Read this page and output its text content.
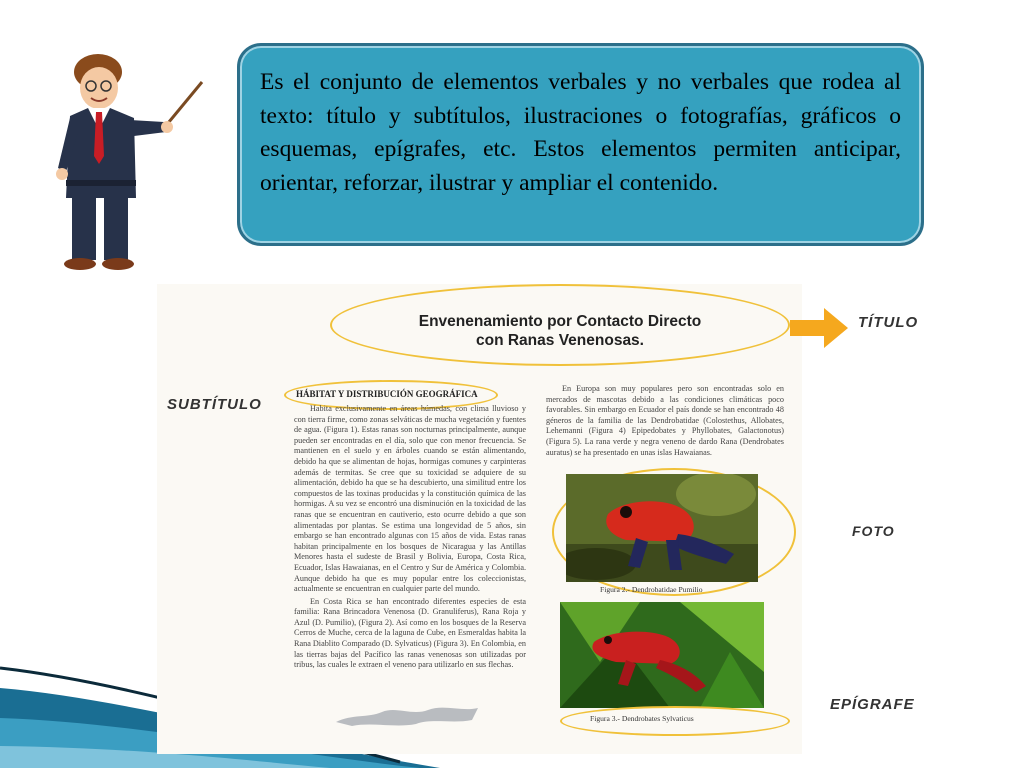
Es el conjunto de elementos verbales y no verbales que rodea al texto: título y subtítulos, ilustraciones o fotografías, gráficos o esquemas, epígrafes, etc. Estos elementos permiten anticipar, orientar, reforzar, ilustrar y ampliar el contenido.

Envenenamiento por Contacto Directo
con Ranas Venenosas.
TÍTULO
SUBTÍTULO
HÁBITAT Y DISTRIBUCIÓN GEOGRÁFICA

Habita exclusivamente en áreas húmedas, con clima lluvioso y con tierra firme, como zonas selváticas de mucha vegetación y fuentes de agua. (Figura 1). Estas ranas son nocturnas principalmente, aunque pueden ser encontradas en el día, solo que con menor frecuencia. Se mantienen en el suelo y en árboles cuando se están alimentando, debido ha que se alimentan de hojas, hormigas comunes y carpinteras además de termitas. Se cree que su toxicidad se adquiere de su alimentación, debido ha que se ha descubierto, una similitud entre los compuestos de las toxinas producidas y la constitución química de las hormigas. A su vez se encontró una disminución en la toxicidad de las ranas que se encuentran en cautiverio, esto ocurre debido a que son alimentadas por plantas. Se estima una longevidad de 5 años, sin embargo se han encontrado algunas con 15 años de vida. Estas ranas habitan principalmente en los bosques de Nicaragua y las Antillas Menores hasta el sudeste de Brasil y Bolivia, Europa, Costa Rica, Ecuador, Islas Hawaianas, en el Centro y Sur de América y Colombia. Aunque debido ha que es muy popular entre los coleccionistas, actualmente se encuentran en cualquier parte del mundo.

En Costa Rica se han encontrado diferentes especies de esta familia: Rana Brincadora Venenosa (D. Granuliferus), Rana Roja y Azul (D. Pumilio), (Figura 2). Así como en los bosques de la Reserva Cerros de Muche, cerca de la laguna de Cube, en Esmeraldas habita la Rana Diablito Comparado (D. Sylvaticus) (Figura 3). En Colombia, en las tierras bajas del Pacífico las ranas venenosas son utilizadas por tribus, las cuales le extraen el veneno para utilizarlo en sus flechas.

En Europa son muy populares pero son encontradas solo en mercados de mascotas debido a las condiciones climáticas poco favorables. Sin embargo en Ecuador el país donde se han encontrado 48 géneros de la familia de las Dendrobatidae (Colostethus, Allobates, Lehemanni (Figura 4) Epipedobates y Phyllobates, Galactonotus) (Figura 5). La rana verde y negra veneno de dardo Rana (Dendrobates auratus) se ha presentado en unas islas Hawaianas.

Figura 2.- Dendrobatidae Pumilio
FOTO
Figura 3.- Dendrobates Sylvaticus
EPÍGRAFE
